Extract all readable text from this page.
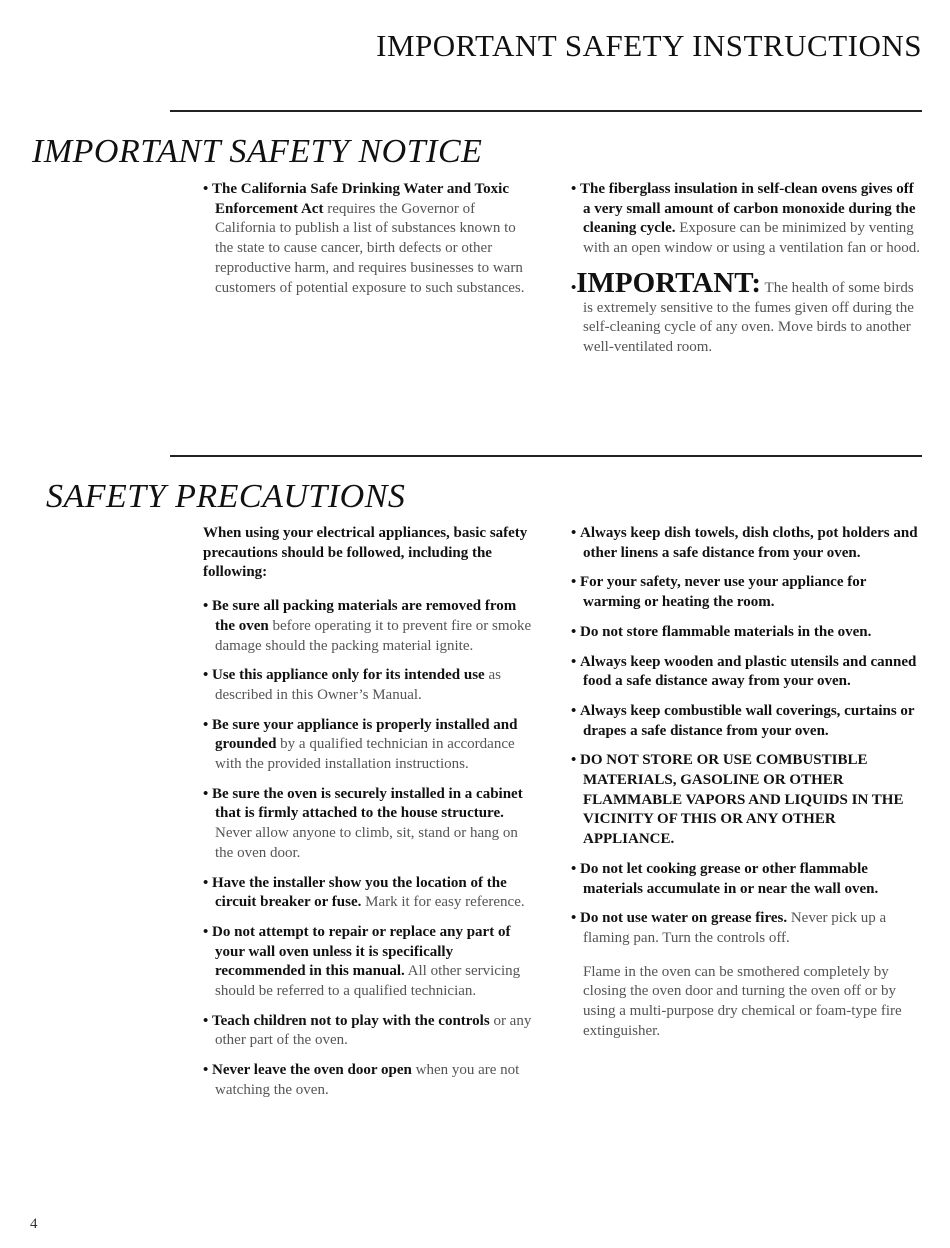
IMPORTANT SAFETY INSTRUCTIONS
IMPORTANT SAFETY NOTICE

• The California Safe Drinking Water and Toxic Enforcement Act requires the Governor of California to publish a list of substances known to the state to cause cancer, birth defects or other reproductive harm, and requires businesses to warn customers of potential exposure to such substances.

• The fiberglass insulation in self-clean ovens gives off a very small amount of carbon monoxide during the cleaning cycle. Exposure can be minimized by venting with an open window or using a ventilation fan or hood.

•IMPORTANT: The health of some birds is extremely sensitive to the fumes given off during the self-cleaning cycle of any oven. Move birds to another well-ventilated room.

SAFETY PRECAUTIONS

When using your electrical appliances, basic safety precautions should be followed, including the following:

• Be sure all packing materials are removed from the oven before operating it to prevent fire or smoke damage should the packing material ignite.

• Use this appliance only for its intended use as described in this Owner’s Manual.

• Be sure your appliance is properly installed and grounded by a qualified technician in accordance with the provided installation instructions.

• Be sure the oven is securely installed in a cabinet that is firmly attached to the house structure. Never allow anyone to climb, sit, stand or hang on the oven door.

• Have the installer show you the location of the circuit breaker or fuse. Mark it for easy reference.

• Do not attempt to repair or replace any part of your wall oven unless it is specifically recommended in this manual. All other servicing should be referred to a qualified technician.

• Teach children not to play with the controls or any other part of the oven.

• Never leave the oven door open when you are not watching the oven.

• Always keep dish towels, dish cloths, pot holders and other linens a safe distance from your oven.

• For your safety, never use your appliance for warming or heating the room.

• Do not store flammable materials in the oven.

• Always keep wooden and plastic utensils and canned food a safe distance away from your oven.

• Always keep combustible wall coverings, curtains or drapes a safe distance from your oven.

• DO NOT STORE OR USE COMBUSTIBLE MATERIALS, GASOLINE OR OTHER FLAMMABLE VAPORS AND LIQUIDS IN THE VICINITY OF THIS OR ANY OTHER APPLIANCE.

• Do not let cooking grease or other flammable materials accumulate in or near the wall oven.

• Do not use water on grease fires. Never pick up a flaming pan. Turn the controls off.

Flame in the oven can be smothered completely by closing the oven door and turning the oven off or by using a multi-purpose dry chemical or foam-type fire extinguisher.

4
